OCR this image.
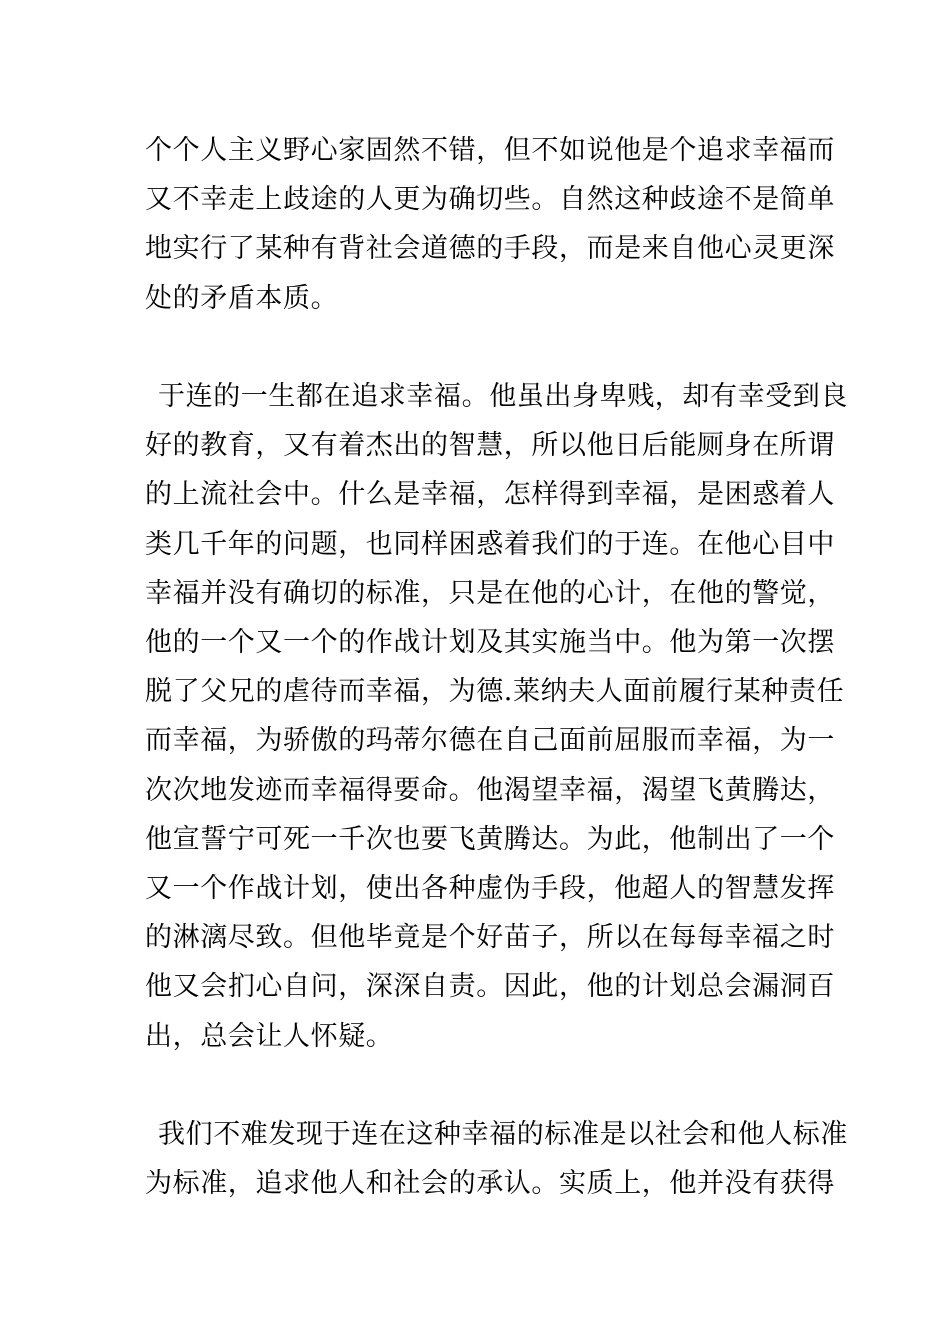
个个人主义野心家固然不错，但不如说他是个追求幸福而
又不幸走上歧途的人更为确切些。自然这种歧途不是简单
地实行了某种有背社会道德的手段，而是来自他心灵更深
处的矛盾本质。
于连的一生都在追求幸福。他虽出身卑贱，却有幸受到良
好的教育，又有着杰出的智慧，所以他日后能厕身在所谓
的上流社会中。什么是幸福，怎样得到幸福，是困惑着人
类几千年的问题，也同样困惑着我们的于连。在他心目中
幸福并没有确切的标准，只是在他的心计，在他的警觉，
他的一个又一个的作战计划及其实施当中。他为第一次摆
脱了父兄的虐待而幸福，为德.莱纳夫人面前履行某种责任
而幸福，为骄傲的玛蒂尔德在自己面前屈服而幸福，为一
次次地发迹而幸福得要命。他渴望幸福，渴望飞黄腾达，
他宣誓宁可死一千次也要飞黄腾达。为此，他制出了一个
又一个作战计划，使出各种虚伪手段，他超人的智慧发挥
的淋漓尽致。但他毕竟是个好苗子，所以在每每幸福之时
他又会扪心自问，深深自责。因此，他的计划总会漏洞百
出，总会让人怀疑。
我们不难发现于连在这种幸福的标准是以社会和他人标准
为标准，追求他人和社会的承认。实质上，他并没有获得
